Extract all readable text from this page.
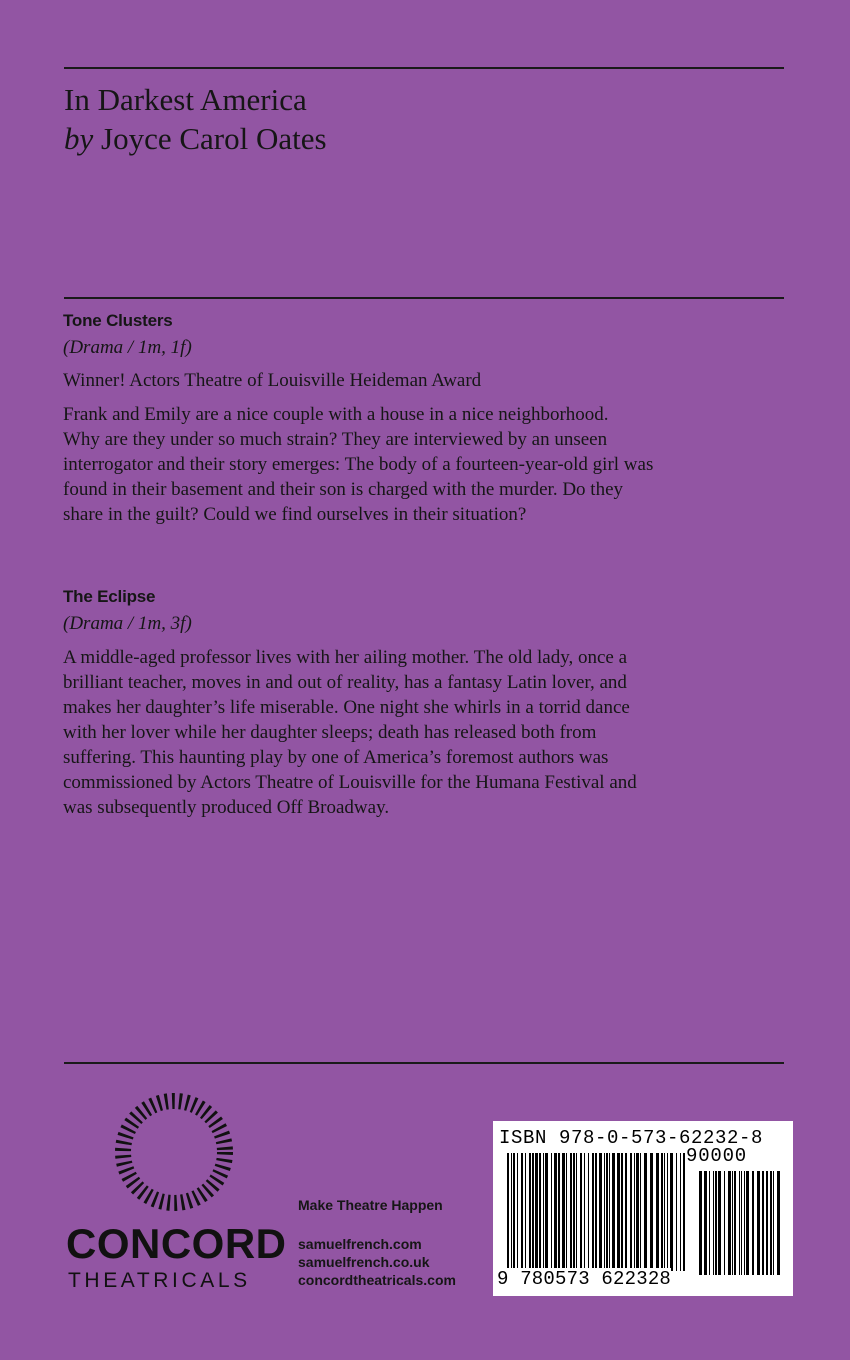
In Darkest America
by Joyce Carol Oates
Tone Clusters
(Drama / 1m, 1f)
Winner! Actors Theatre of Louisville Heideman Award
Frank and Emily are a nice couple with a house in a nice neighborhood.
Why are they under so much strain? They are interviewed by an unseen
interrogator and their story emerges: The body of a fourteen-year-old girl was
found in their basement and their son is charged with the murder. Do they
share in the guilt? Could we find ourselves in their situation?
The Eclipse
(Drama / 1m, 3f)
A middle-aged professor lives with her ailing mother. The old lady, once a
brilliant teacher, moves in and out of reality, has a fantasy Latin lover, and
makes her daughter’s life miserable. One night she whirls in a torrid dance
with her lover while her daughter sleeps; death has released both from
suffering. This haunting play by one of America’s foremost authors was
commissioned by Actors Theatre of Louisville for the Humana Festival and
was subsequently produced Off Broadway.
CONCORD
THEATRICALS
Make Theatre Happen
samuelfrench.com
samuelfrench.co.uk
concordtheatricals.com
ISBN 978-0-573-62232-8
90000
9 780573 622328
